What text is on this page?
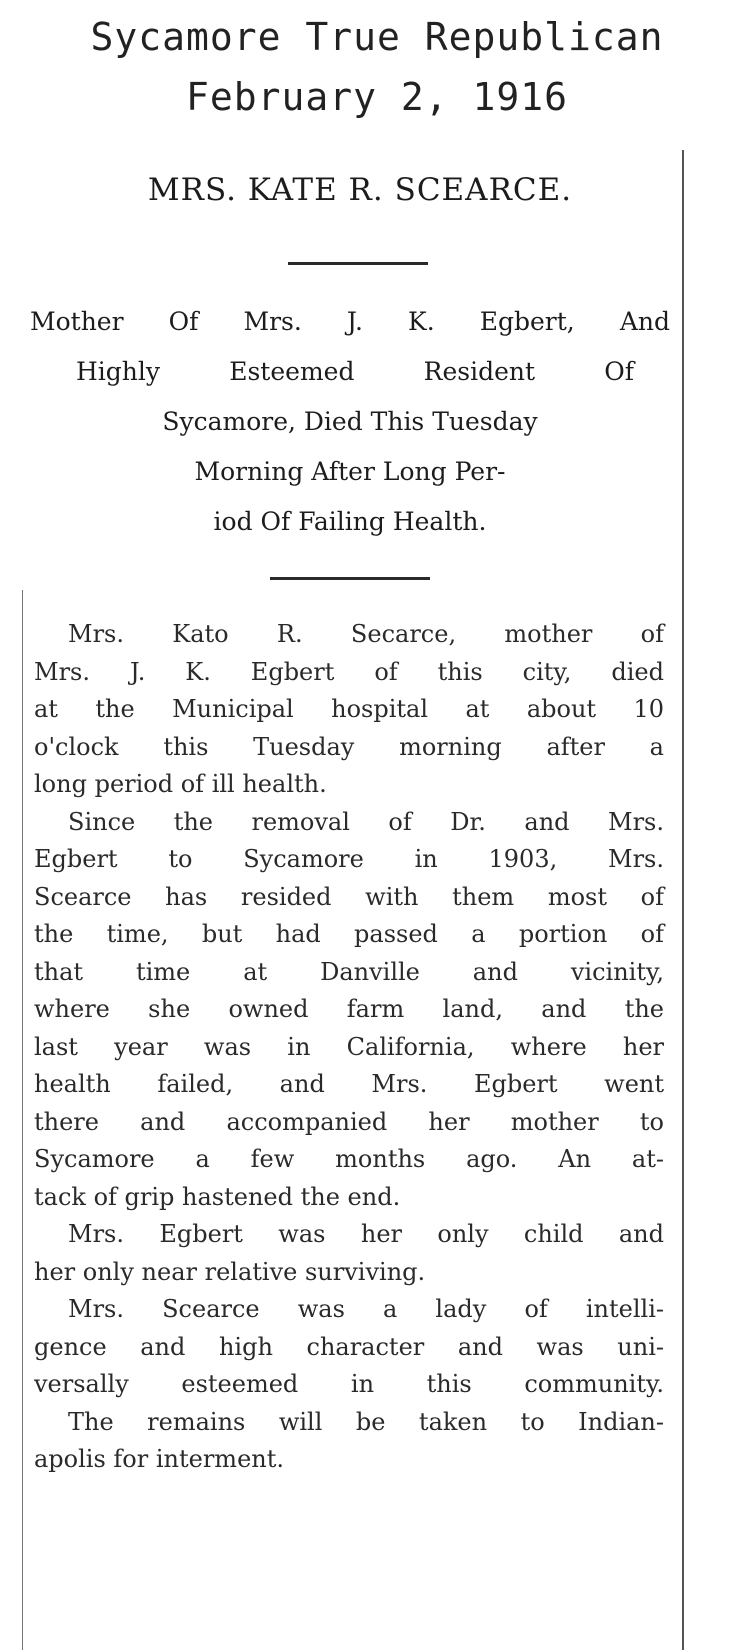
Sycamore True Republican
February 2, 1916
MRS. KATE R. SCEARCE.
Mother Of Mrs. J. K. Egbert, And
Highly Esteemed Resident Of
Sycamore, Died This Tuesday
Morning After Long Per-
iod Of Failing Health.
Mrs. Kato R. Secarce, mother of
Mrs. J. K. Egbert of this city, died
at the Municipal hospital at about 10
o'clock this Tuesday morning after a
long period of ill health.
Since the removal of Dr. and Mrs.
Egbert to Sycamore in 1903, Mrs.
Scearce has resided with them most of
the time, but had passed a portion of
that time at Danville and vicinity,
where she owned farm land, and the
last year was in California, where her
health failed, and Mrs. Egbert went
there and accompanied her mother to
Sycamore a few months ago. An at-
tack of grip hastened the end.
Mrs. Egbert was her only child and
her only near relative surviving.
Mrs. Scearce was a lady of intelli-
gence and high character and was uni-
versally esteemed in this community.
The remains will be taken to Indian-
apolis for interment.
